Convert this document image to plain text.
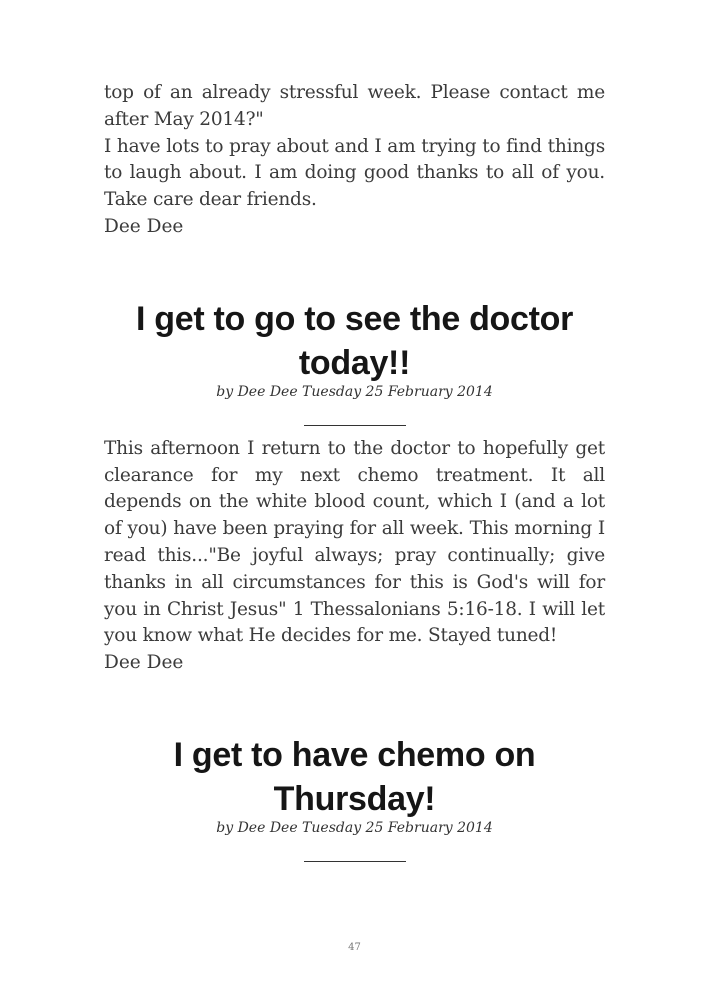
top of an already stressful week. Please contact me after May 2014?"

I have lots to pray about and I am trying to find things to laugh about. I am doing good thanks to all of you. Take care dear friends.

Dee Dee

I get to go to see the doctor today!!

by Dee Dee Tuesday 25 February 2014

This afternoon I return to the doctor to hopefully get clearance for my next chemo treatment. It all depends on the white blood count, which I (and a lot of you) have been praying for all week. This morning I read this..."Be joyful always; pray continually; give thanks in all circumstances for this is God's will for you in Christ Jesus" 1 Thessalonians 5:16-18. I will let you know what He decides for me. Stayed tuned!

Dee Dee

I get to have chemo on Thursday!

by Dee Dee Tuesday 25 February 2014

47
